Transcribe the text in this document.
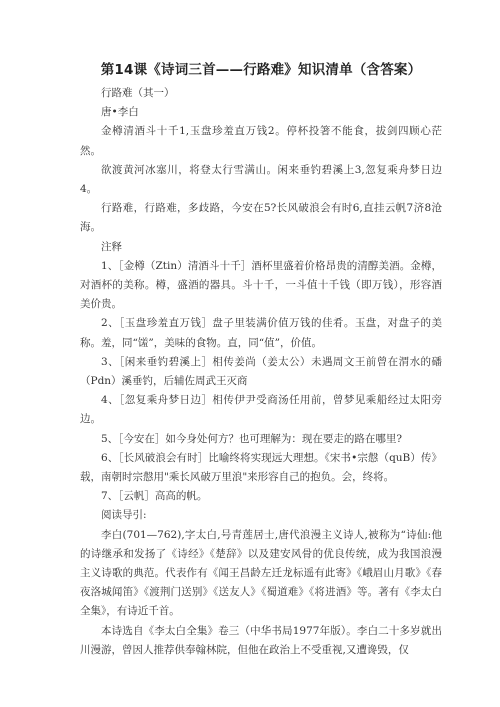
第14课《诗词三首——行路难》知识清单（含答案）

行路难（其一）

唐•李白

金樽清酒斗十千1,玉盘珍羞直万钱2。停杯投箸不能食，拔剑四顾心茫然。

欲渡黄河冰塞川，将登太行雪满山。闲来垂钓碧溪上3,忽复乘舟梦日边4。

行路难，行路难，多歧路，今安在5?长风破浪会有时6,直挂云帆7济8沧海。

注释

1、［金樽（Ztin）清酒斗十千］酒杯里盛着价格昂贵的清醇美酒。金樽，对酒杯的美称。樽，盛酒的器具。斗十千，一斗值十千钱（即万钱），形容酒美价贵。

2、［玉盘珍羞直万钱］盘子里装满价值万钱的佳肴。玉盘，对盘子的美称。羞，同“馐”，美味的食物。直，同“值”，价值。

3、［闲来垂钓碧溪上］相传姜尚（姜太公）未遇周文王前曾在渭水的磻（Pdn）溪垂钓，后辅佐周武王灭商

4、［忽复乘舟梦日边］相传伊尹受商汤任用前，曾梦见乘船经过太阳旁边。

5、［今安在］如今身处何方？也可理解为：现在要走的路在哪里?

6、［长风破浪会有时］比喻终将实现远大理想。《宋书•宗慤（quB）传》载，南朝时宗慤用"乘长风破万里浪"来形容自己的抱负。会，终将。

7、［云帆］高高的帆。

阅读导引:

李白(701—762),字太白,号青莲居士,唐代浪漫主义诗人,被称为“诗仙:他的诗继承和发扬了《诗经》《楚辞》以及建安风骨的优良传统，成为我国浪漫主义诗歌的典范。代表作有《闻王昌龄左迁龙标遥有此寄》《峨眉山月歌》《春夜洛城闻笛》《渡荆门送别》《送友人》《蜀道难》《将进酒》等。著有《李太白全集》，有诗近千首。

本诗选自《李太白全集》卷三（中华书局1977年版）。李白二十多岁就出川漫游，曾因人推荐供奉翰林院，但他在政治上不受重视,又遭谗毁，仅
